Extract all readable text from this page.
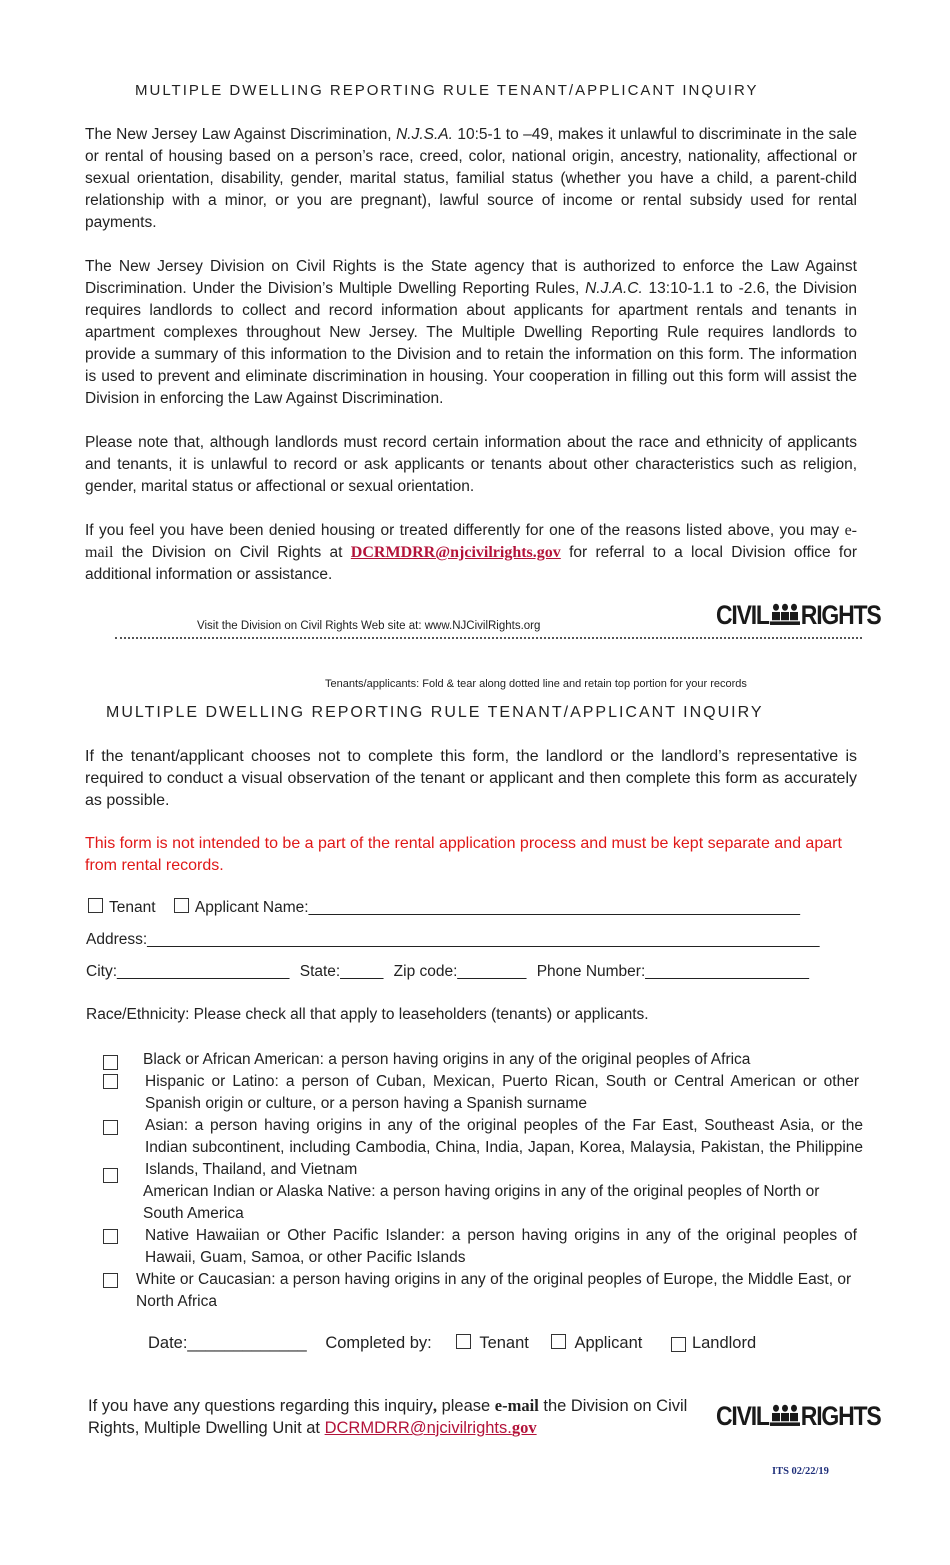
MULTIPLE DWELLING REPORTING RULE TENANT/APPLICANT INQUIRY

The New Jersey Law Against Discrimination, N.J.S.A. 10:5-1 to –49, makes it unlawful to discriminate in the sale or rental of housing based on a person’s race, creed, color, national origin, ancestry, nationality, affectional or sexual orientation, disability, gender, marital status, familial status (whether you have a child, a parent-child relationship with a minor, or you are pregnant), lawful source of income or rental subsidy used for rental payments.

The New Jersey Division on Civil Rights is the State agency that is authorized to enforce the Law Against Discrimination. Under the Division’s Multiple Dwelling Reporting Rules, N.J.A.C. 13:10-1.1 to -2.6, the Division requires landlords to collect and record information about applicants for apartment rentals and tenants in apartment complexes throughout New Jersey. The Multiple Dwelling Reporting Rule requires landlords to provide a summary of this information to the Division and to retain the information on this form. The information is used to prevent and eliminate discrimination in housing. Your cooperation in filling out this form will assist the Division in enforcing the Law Against Discrimination.

Please note that, although landlords must record certain information about the race and ethnicity of applicants and tenants, it is unlawful to record or ask applicants or tenants about other characteristics such as religion, gender, marital status or affectional or sexual orientation.

If you feel you have been denied housing or treated differently for one of the reasons listed above, you may e-mail the Division on Civil Rights at DCRMDRR@njcivilrights.gov for referral to a local Division office for additional information or assistance.

Visit the Division on Civil Rights Web site at: www.NJCivilRights.org	CIVIL RIGHTS
Tenants/applicants: Fold & tear along dotted line and retain top portion for your records
MULTIPLE DWELLING REPORTING RULE TENANT/APPLICANT INQUIRY
If the tenant/applicant chooses not to complete this form, the landlord or the landlord’s representative is required to conduct a visual observation of the tenant or applicant and then complete this form as accurately as possible.
This form is not intended to be a part of the rental application process and must be kept separate and apart from rental records.
Tenant	Applicant Name:_________________________________________________________
Address:______________________________________________________________________________
City:____________________ State:_____ Zip code:________ Phone Number:___________________
Race/Ethnicity: Please check all that apply to leaseholders (tenants) or applicants.
Black or African American: a person having origins in any of the original peoples of Africa
Hispanic or Latino: a person of Cuban, Mexican, Puerto Rican, South or Central American or other Spanish origin or culture, or a person having a Spanish surname
Asian: a person having origins in any of the original peoples of the Far East, Southeast Asia, or the Indian subcontinent, including Cambodia, China, India, Japan, Korea, Malaysia, Pakistan, the Philippine Islands, Thailand, and Vietnam
American Indian or Alaska Native: a person having origins in any of the original peoples of North or South America
Native Hawaiian or Other Pacific Islander: a person having origins in any of the original peoples of Hawaii, Guam, Samoa, or other Pacific Islands
White or Caucasian: a person having origins in any of the original peoples of Europe, the Middle East, or North Africa
Date:_____________ Completed by:	Tenant	Applicant	Landlord
If you have any questions regarding this inquiry, please e-mail the Division on Civil Rights, Multiple Dwelling Unit at DCRMDRR@njcivilrights.gov	CIVIL RIGHTS
ITS 02/22/19
